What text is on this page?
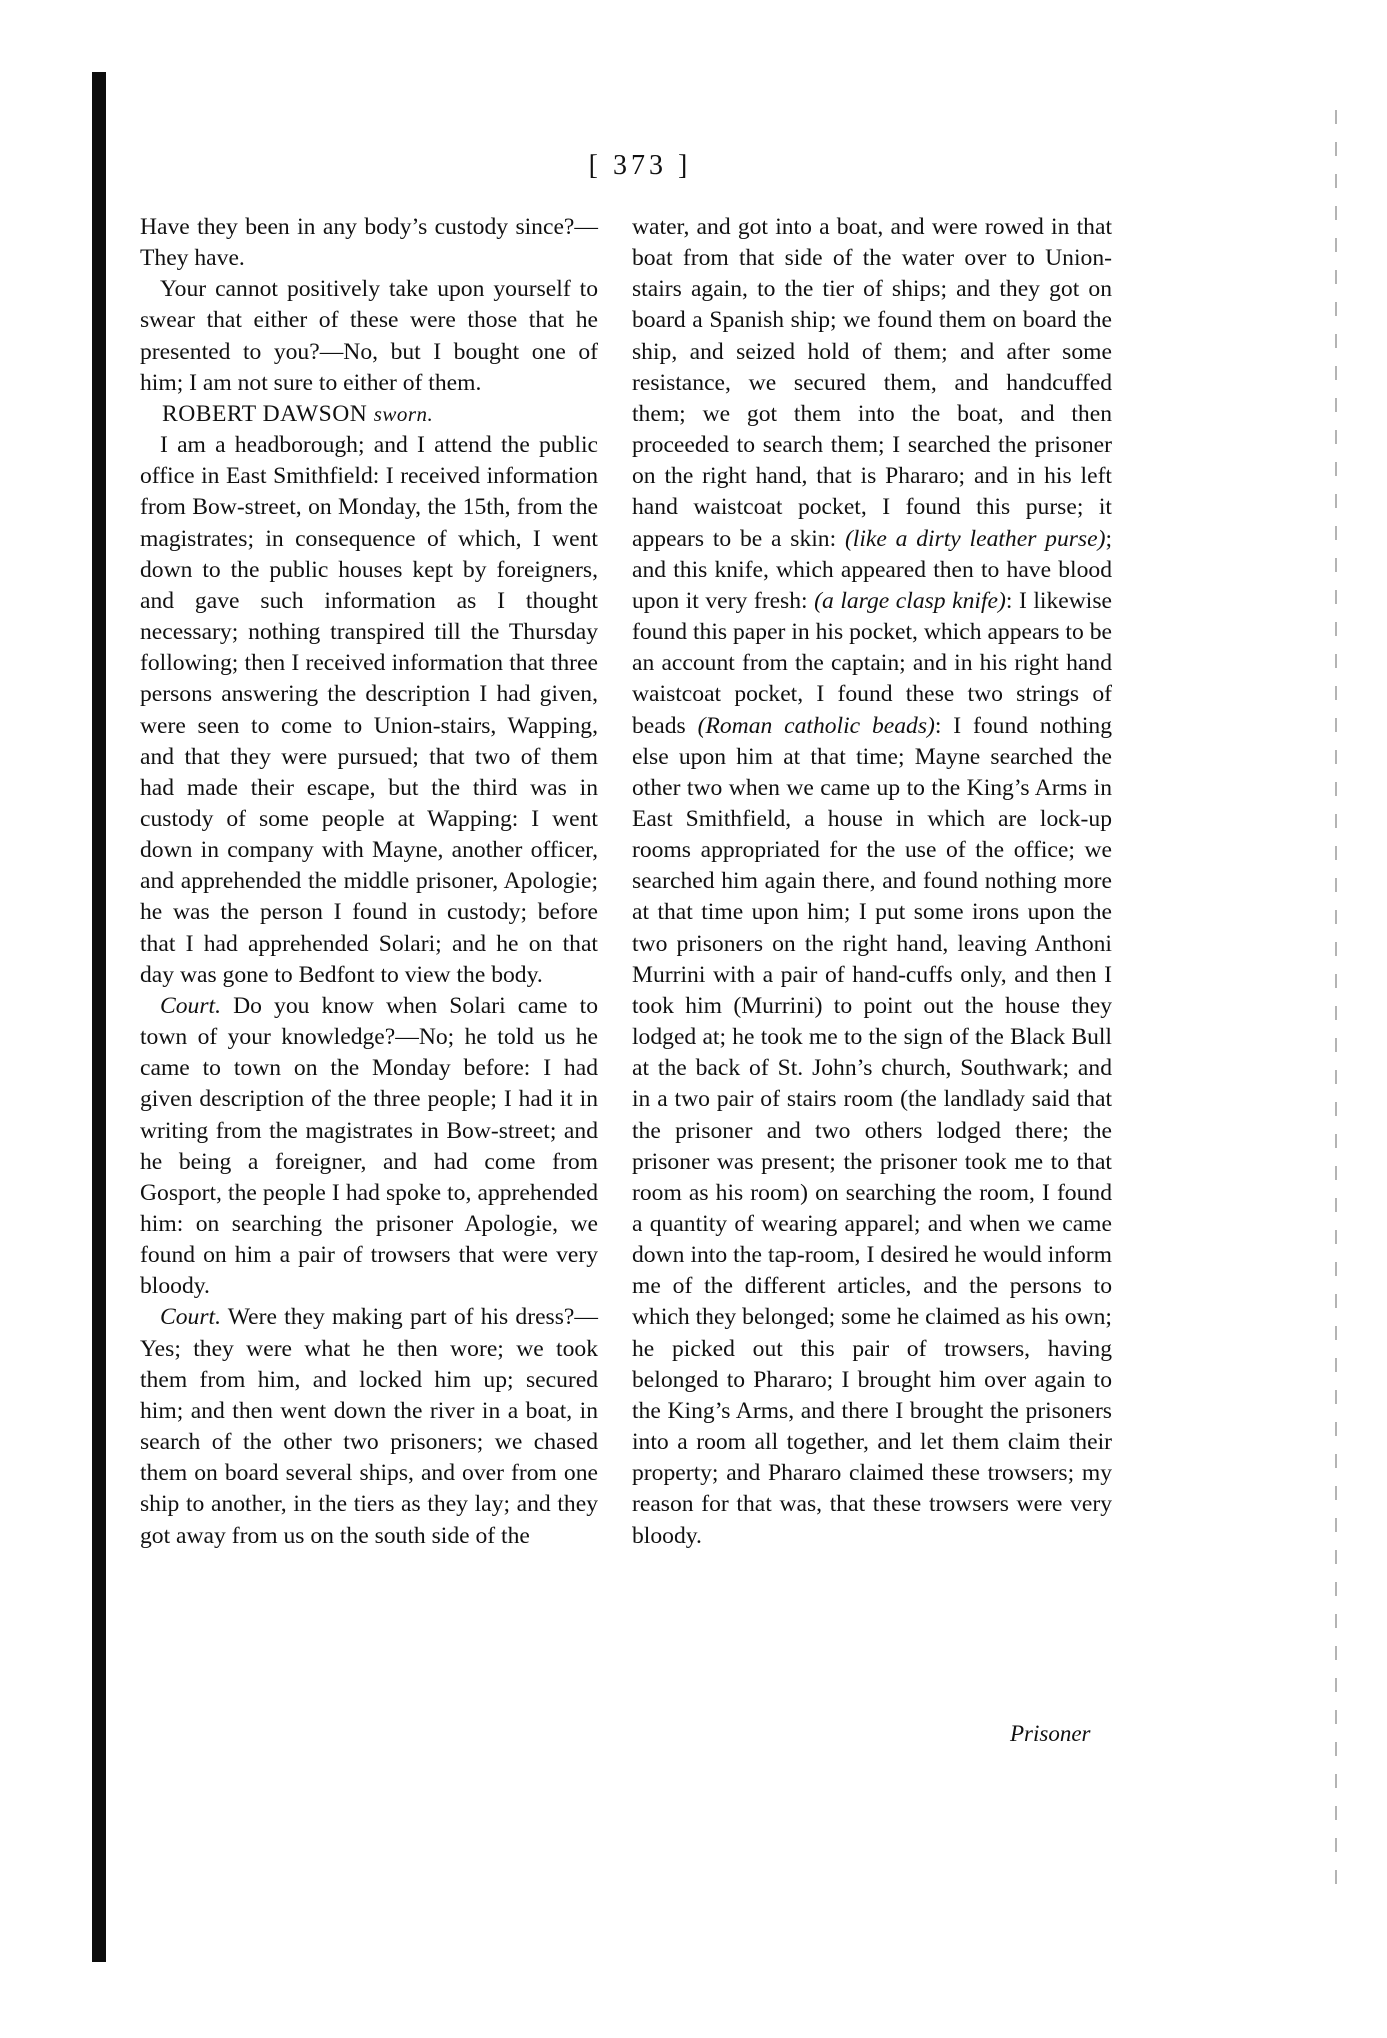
[ 373 ]

Have they been in any body’s custody since?—They have.

Your cannot positively take upon yourself to swear that either of these were those that he presented to you?—No, but I bought one of him; I am not sure to either of them.

ROBERT DAWSON sworn.

I am a headborough; and I attend the public office in East Smithfield: I received information from Bow-street, on Monday, the 15th, from the magistrates; in consequence of which, I went down to the public houses kept by foreigners, and gave such information as I thought necessary; nothing transpired till the Thursday following; then I received information that three persons answering the description I had given, were seen to come to Union-stairs, Wapping, and that they were pursued; that two of them had made their escape, but the third was in custody of some people at Wapping: I went down in company with Mayne, another officer, and apprehended the middle prisoner, Apologie; he was the person I found in custody; before that I had apprehended Solari; and he on that day was gone to Bedfont to view the body.

Court. Do you know when Solari came to town of your knowledge?—No; he told us he came to town on the Monday before: I had given description of the three people; I had it in writing from the magistrates in Bow-street; and he being a foreigner, and had come from Gosport, the people I had spoke to, apprehended him: on searching the prisoner Apologie, we found on him a pair of trowsers that were very bloody.

Court. Were they making part of his dress?—Yes; they were what he then wore; we took them from him, and locked him up; secured him; and then went down the river in a boat, in search of the other two prisoners; we chased them on board several ships, and over from one ship to another, in the tiers as they lay; and they got away from us on the south side of the

water, and got into a boat, and were rowed in that boat from that side of the water over to Union-stairs again, to the tier of ships; and they got on board a Spanish ship; we found them on board the ship, and seized hold of them; and after some resistance, we secured them, and handcuffed them; we got them into the boat, and then proceeded to search them; I searched the prisoner on the right hand, that is Phararo; and in his left hand waistcoat pocket, I found this purse; it appears to be a skin: (like a dirty leather purse); and this knife, which appeared then to have blood upon it very fresh: (a large clasp knife): I likewise found this paper in his pocket, which appears to be an account from the captain; and in his right hand waistcoat pocket, I found these two strings of beads (Roman catholic beads): I found nothing else upon him at that time; Mayne searched the other two when we came up to the King’s Arms in East Smithfield, a house in which are lock-up rooms appropriated for the use of the office; we searched him again there, and found nothing more at that time upon him; I put some irons upon the two prisoners on the right hand, leaving Anthoni Murrini with a pair of hand-cuffs only, and then I took him (Murrini) to point out the house they lodged at; he took me to the sign of the Black Bull at the back of St. John’s church, Southwark; and in a two pair of stairs room (the landlady said that the prisoner and two others lodged there; the prisoner was present; the prisoner took me to that room as his room) on searching the room, I found a quantity of wearing apparel; and when we came down into the tap-room, I desired he would inform me of the different articles, and the persons to which they belonged; some he claimed as his own; he picked out this pair of trowsers, having belonged to Phararo; I brought him over again to the King’s Arms, and there I brought the prisoners into a room all together, and let them claim their property; and Phararo claimed these trowsers; my reason for that was, that these trowsers were very bloody.

Prisoner
